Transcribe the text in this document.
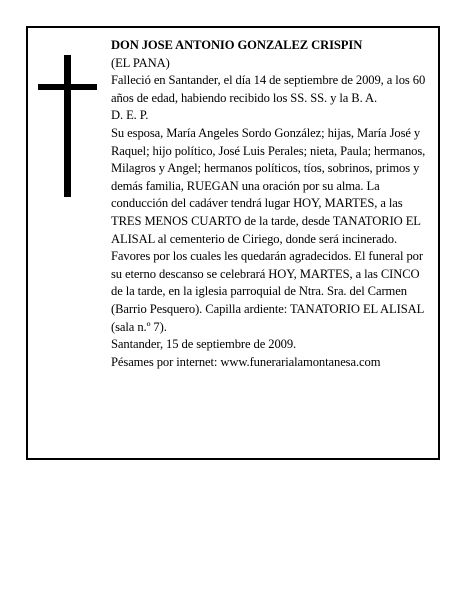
DON JOSE ANTONIO GONZALEZ CRISPIN

(EL PANA)

Falleció en Santander, el día 14 de septiembre de 2009, a los 60 años de edad, habiendo recibido los SS. SS. y la B. A.

D. E. P.

Su esposa, María Angeles Sordo González; hijas, María José y Raquel; hijo político, José Luis Perales; nieta, Paula; hermanos, Milagros y Angel; hermanos políticos, tíos, sobrinos, primos y demás familia, RUEGAN una oración por su alma. La conducción del cadáver tendrá lugar HOY, MARTES, a las TRES MENOS CUARTO de la tarde, desde TANATORIO EL ALISAL al cementerio de Ciriego, donde será incinerado. Favores por los cuales les quedarán agradecidos. El funeral por su eterno descanso se celebrará HOY, MARTES, a las CINCO de la tarde, en la iglesia parroquial de Ntra. Sra. del Carmen (Barrio Pesquero). Capilla ardiente: TANATORIO EL ALISAL (sala n.º 7).

Santander, 15 de septiembre de 2009.

Pésames por internet: www.funerarialamontanesa.com
